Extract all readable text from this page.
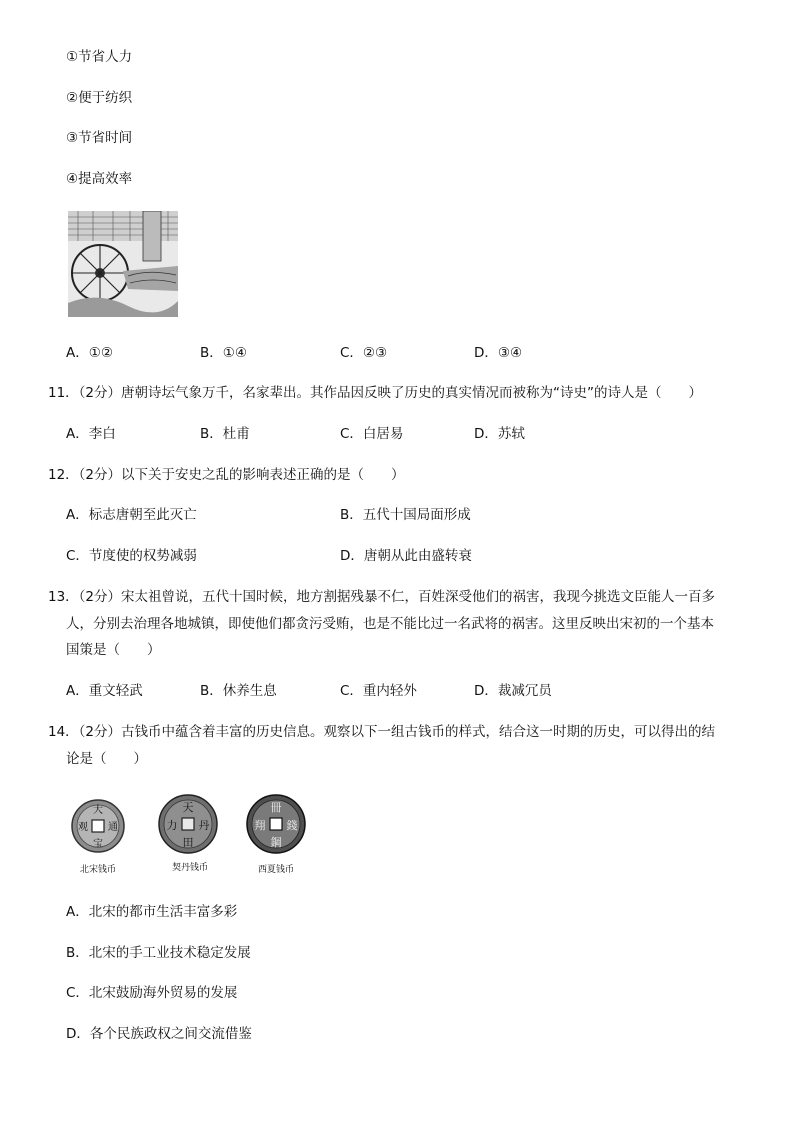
①节省人力
②便于纺织
③节省时间
④提高效率
A．①②	B．①④	C．②③	D．③④
11．（2分）唐朝诗坛气象万千，名家辈出。其作品因反映了历史的真实情况而被称为“诗史”的诗人是（　　）
A．李白	B．杜甫	C．白居易	D．苏轼
12．（2分）以下关于安史之乱的影响表述正确的是（　　）
A．标志唐朝至此灭亡	B．五代十国局面形成
C．节度使的权势减弱	D．唐朝从此由盛转衰
13．（2分）宋太祖曾说，五代十国时候，地方割据残暴不仁，百姓深受他们的祸害，我现今挑选文臣能人一百多
人，分别去治理各地城镇，即使他们都贪污受贿，也是不能比过一名武将的祸害。这里反映出宋初的一个基本
国策是（　　）
A．重文轻武	B．休养生息	C．重内轻外	D．裁减冗员
14．（2分）古钱币中蕴含着丰富的历史信息。观察以下一组古钱币的样式，结合这一时期的历史，可以得出的结
论是（　　）
大
通
宝
观
天
丹
田
力
冊
錢
鋼
翔
北宋钱币	契丹钱币	西夏钱币
A．北宋的都市生活丰富多彩
B．北宋的手工业技术稳定发展
C．北宋鼓励海外贸易的发展
D．各个民族政权之间交流借鉴
